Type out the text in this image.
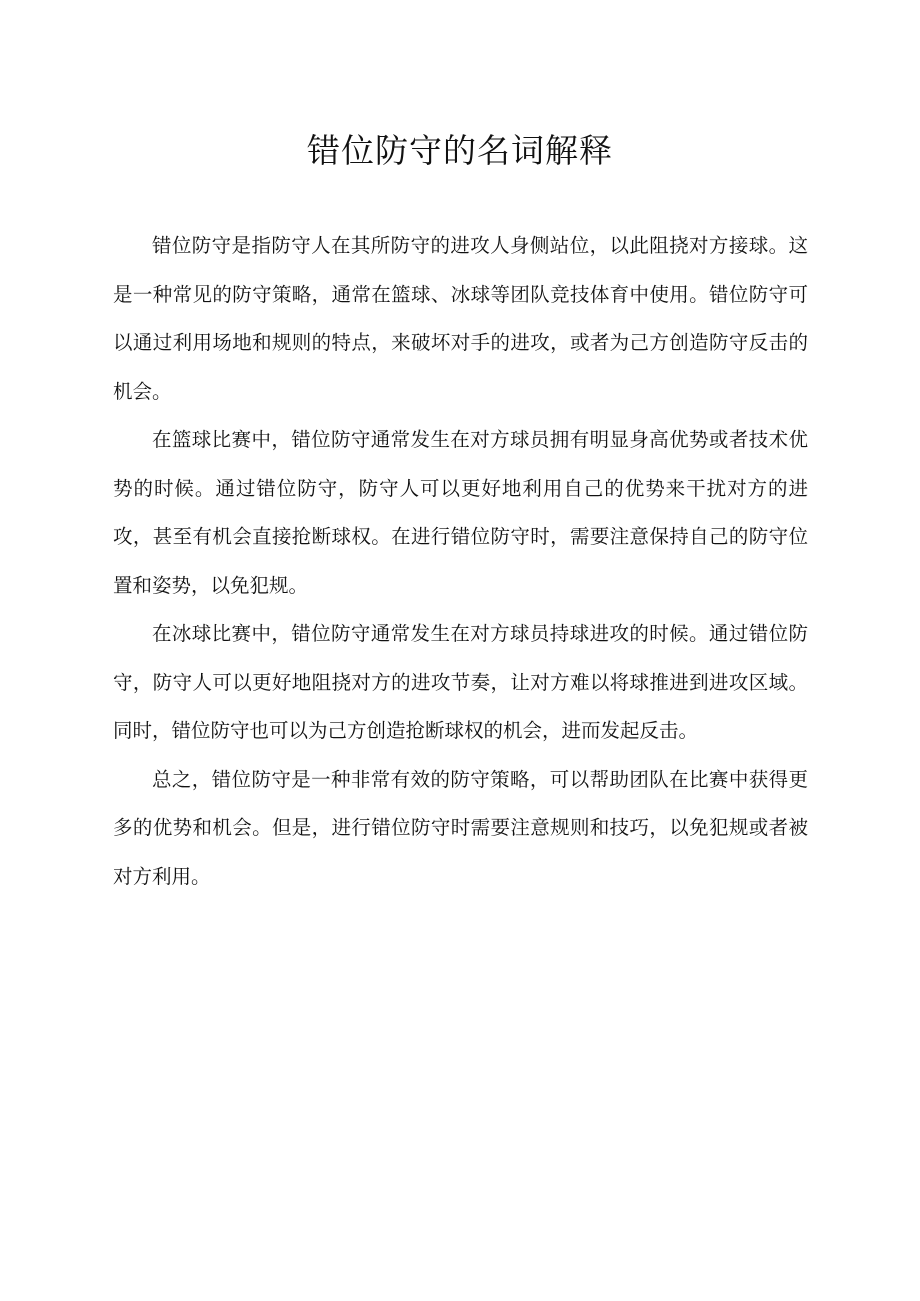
错位防守的名词解释

错位防守是指防守人在其所防守的进攻人身侧站位，以此阻挠对方接球。这是一种常见的防守策略，通常在篮球、冰球等团队竞技体育中使用。错位防守可以通过利用场地和规则的特点，来破坏对手的进攻，或者为己方创造防守反击的机会。

在篮球比赛中，错位防守通常发生在对方球员拥有明显身高优势或者技术优势的时候。通过错位防守，防守人可以更好地利用自己的优势来干扰对方的进攻，甚至有机会直接抢断球权。在进行错位防守时，需要注意保持自己的防守位置和姿势，以免犯规。

在冰球比赛中，错位防守通常发生在对方球员持球进攻的时候。通过错位防守，防守人可以更好地阻挠对方的进攻节奏，让对方难以将球推进到进攻区域。同时，错位防守也可以为己方创造抢断球权的机会，进而发起反击。

总之，错位防守是一种非常有效的防守策略，可以帮助团队在比赛中获得更多的优势和机会。但是，进行错位防守时需要注意规则和技巧，以免犯规或者被对方利用。
